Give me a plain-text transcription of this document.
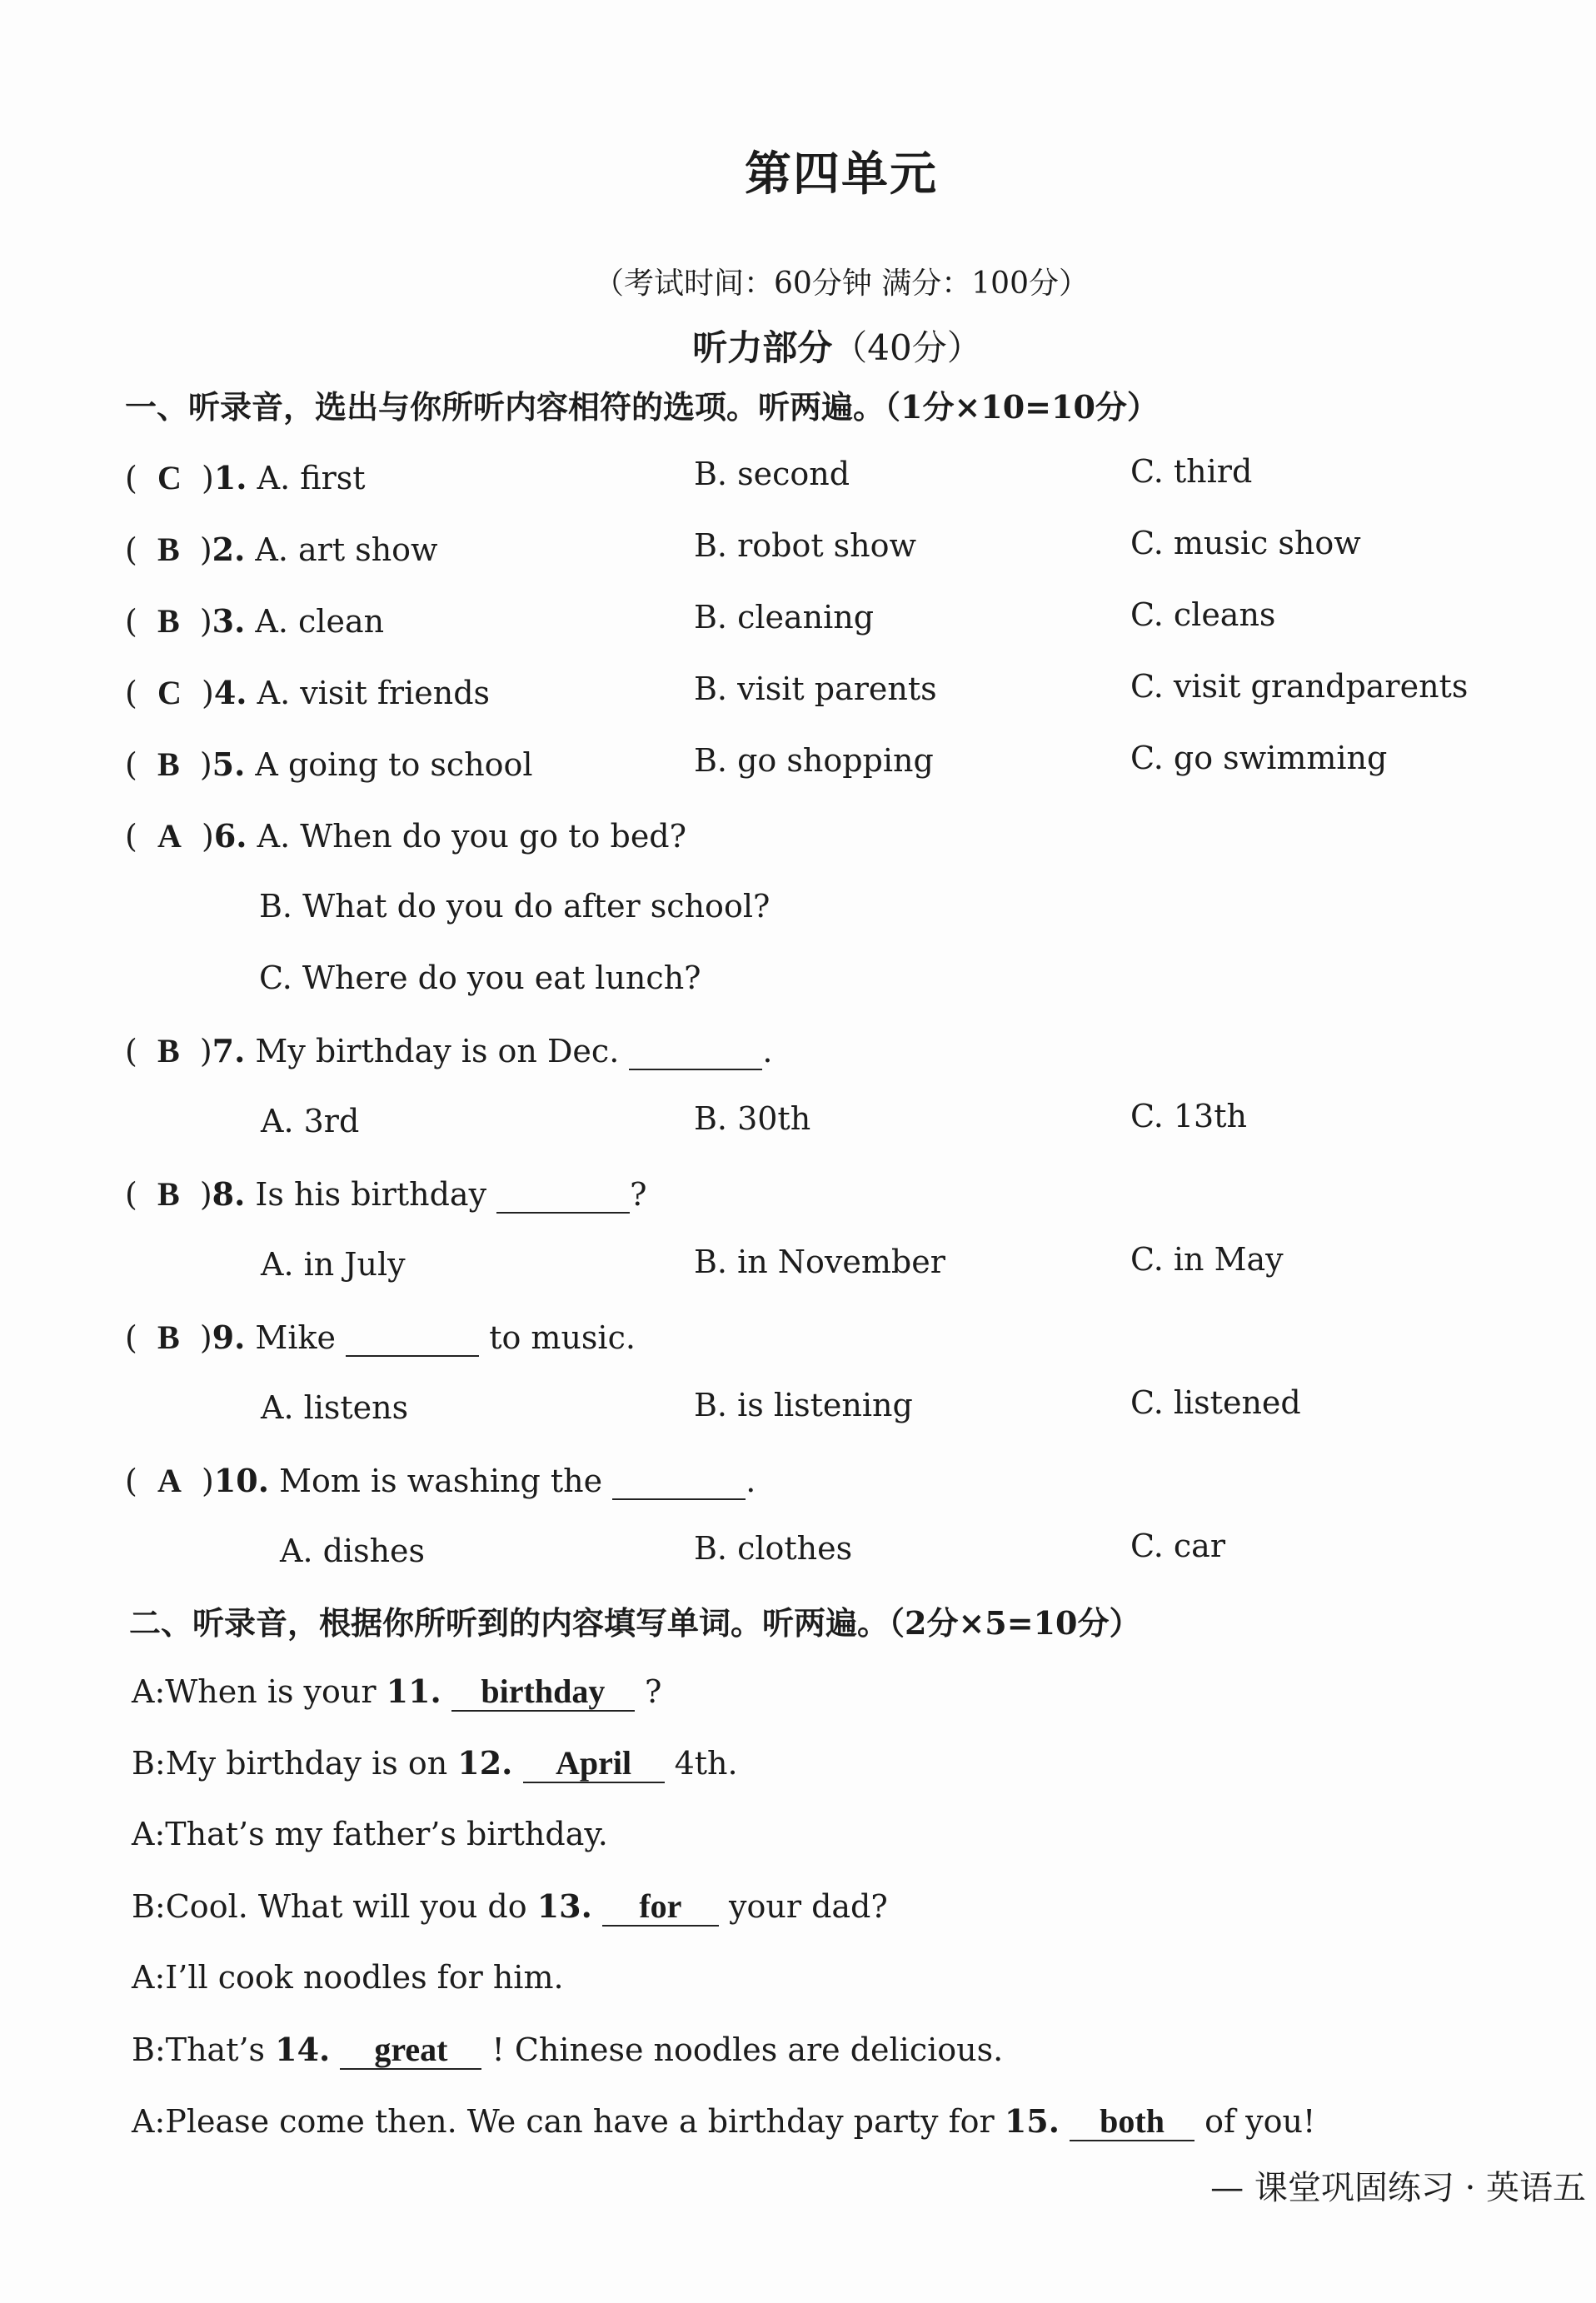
第四单元
（考试时间：60分钟 满分：100分）
听力部分（40分）
一、听录音，选出与你所听内容相符的选项。听两遍。（1分×10=10分）
(  C  )1. A. first	B. second	C. third
(  B  )2. A. art show	B. robot show	C. music show
(  B  )3. A. clean	B. cleaning	C. cleans
(  C  )4. A. visit friends	B. visit parents	C. visit grandparents
(  B  )5. A going to school	B. go shopping	C. go swimming
(  A  )6. A. When do you go to bed?
B. What do you do after school?
C. Where do you eat lunch?
(  B  )7. My birthday is on Dec.	.
A. 3rd	B. 30th	C. 13th
(  B  )8. Is his birthday	?
A. in July	B. in November	C. in May
(  B  )9. Mike	to music.
A. listens	B. is listening	C. listened
(  A  )10. Mom is washing the	.
A. dishes	B. clothes	C. car
二、听录音，根据你所听到的内容填写单词。听两遍。（2分×5=10分）
A:When is your 11. birthday ?
B:My birthday is on 12. April 4th.
A:That’s my father’s birthday.
B:Cool. What will you do 13. for your dad?
A:I’ll cook noodles for him.
B:That’s 14. great ! Chinese noodles are delicious.
A:Please come then. We can have a birthday party for 15. both of you!
— 课堂巩固练习 · 英语五
